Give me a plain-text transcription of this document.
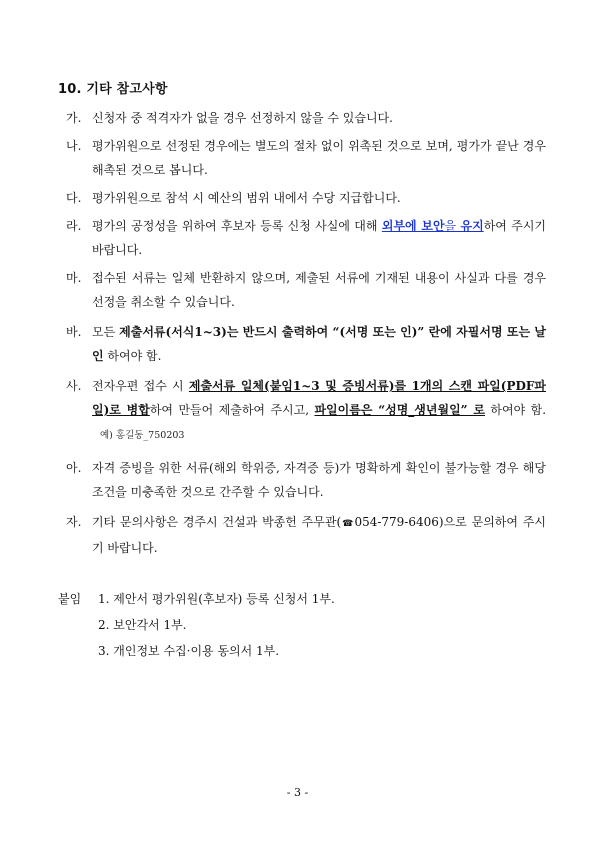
10. 기타 참고사항
가. 신청자 중 적격자가 없을 경우 선정하지 않을 수 있습니다.
나. 평가위원으로 선정된 경우에는 별도의 절차 없이 위촉된 것으로 보며, 평가가 끝난 경우 해촉된 것으로 봅니다.
다. 평가위원으로 참석 시 예산의 범위 내에서 수당 지급합니다.
라. 평가의 공정성을 위하여 후보자 등록 신청 사실에 대해 외부에 보안을 유지하여 주시기 바랍니다.
마. 접수된 서류는 일체 반환하지 않으며, 제출된 서류에 기재된 내용이 사실과 다를 경우 선정을 취소할 수 있습니다.
바. 모든 제출서류(서식1~3)는 반드시 출력하여 “(서명 또는 인)” 란에 자필서명 또는 날인 하여야 함.
사. 전자우편 접수 시 제출서류 일체(붙임1~3 및 증빙서류)를 1개의 스캔 파일(PDF파일)로 병합하여 만들어 제출하여 주시고, 파일이름은 “성명_생년월일” 로 하여야 함.예) 홍길동_750203
아. 자격 증빙을 위한 서류(해외 학위증, 자격증 등)가 명확하게 확인이 불가능할 경우 해당 조건을 미충족한 것으로 간주할 수 있습니다.
자. 기타 문의사항은 경주시 건설과 박종헌 주무관(☎054-779-6406)으로 문의하여 주시기 바랍니다.
붙임 1. 제안서 평가위원(후보자) 등록 신청서 1부.
2. 보안각서 1부.
3. 개인정보 수집·이용 동의서 1부.
- 3 -
